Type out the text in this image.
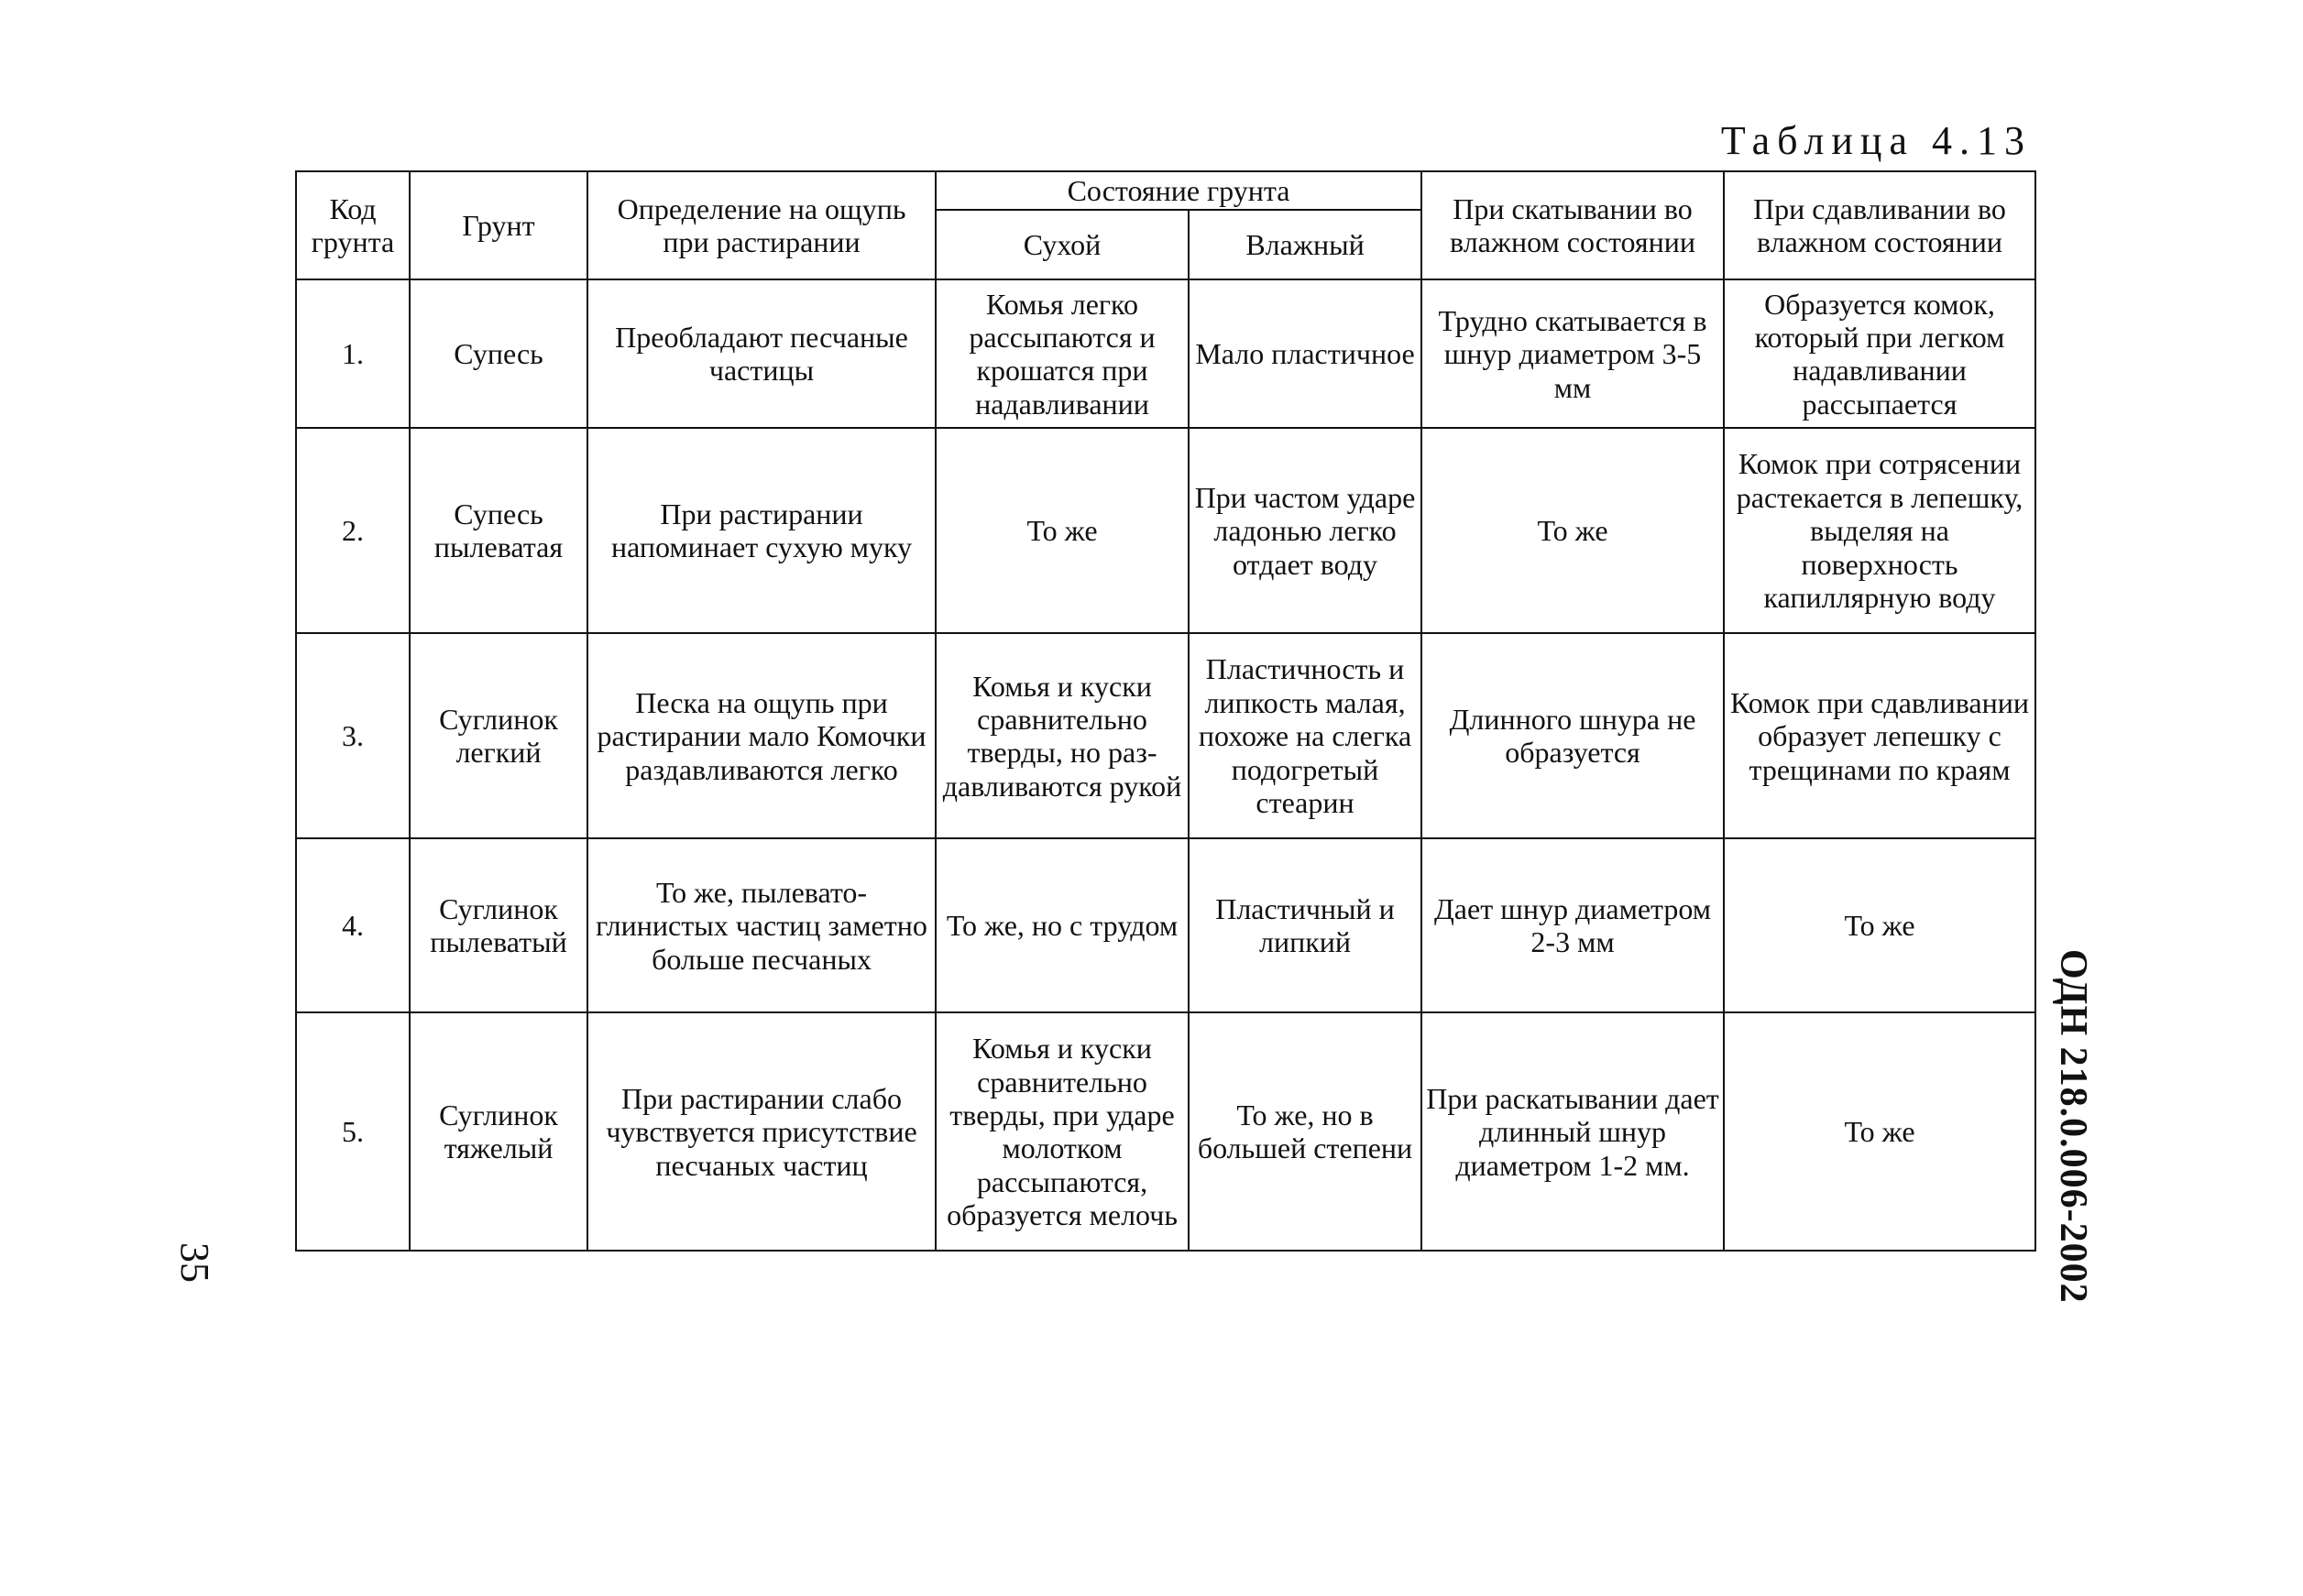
Таблица 4.13
Код грунта	Грунт	Определение на ощупь при растирании	Состояние грунта		При скатывании во влажном состоянии	При сдавливании во влажном состоянии
			Сухой	Влажный		
1.	Супесь	Преобладают песчаные частицы	Комья легко рассыпаются и крошатся при надавливании	Мало пластичное	Трудно скатывается в шнур диаметром 3-5 мм	Образуется комок, который при легком надавливании рассыпается
2.	Супесь пылеватая	При растирании напоминает сухую муку	То же	При частом ударе ладонью легко отдает воду	То же	Комок при сотрясении растекается в лепешку, выделяя на поверхность капиллярную воду
3.	Суглинок легкий	Песка на ощупь при растирании мало Комочки раздавливаются легко	Комья и куски сравнительно тверды, но раз-давливаются рукой	Пластичность и липкость малая, похоже на слегка подогретый стеарин	Длинного шнура не образуется	Комок при сдавливании образует лепешку с трещинами по краям
4.	Суглинок пылеватый	То же, пылевато-глинистых частиц заметно больше песчаных	То же, но с трудом	Пластичный и липкий	Дает шнур диаметром 2-3 мм	То же
5.	Суглинок тяжелый	При растирании слабо чувствуется присутствие песчаных частиц	Комья и куски сравнительно тверды, при ударе молотком рассыпаются, образуется мелочь	То же, но в большей степени	При раскатывании дает длинный шнур диаметром 1-2 мм.	То же
35	ОДН 218.0.006-2002
